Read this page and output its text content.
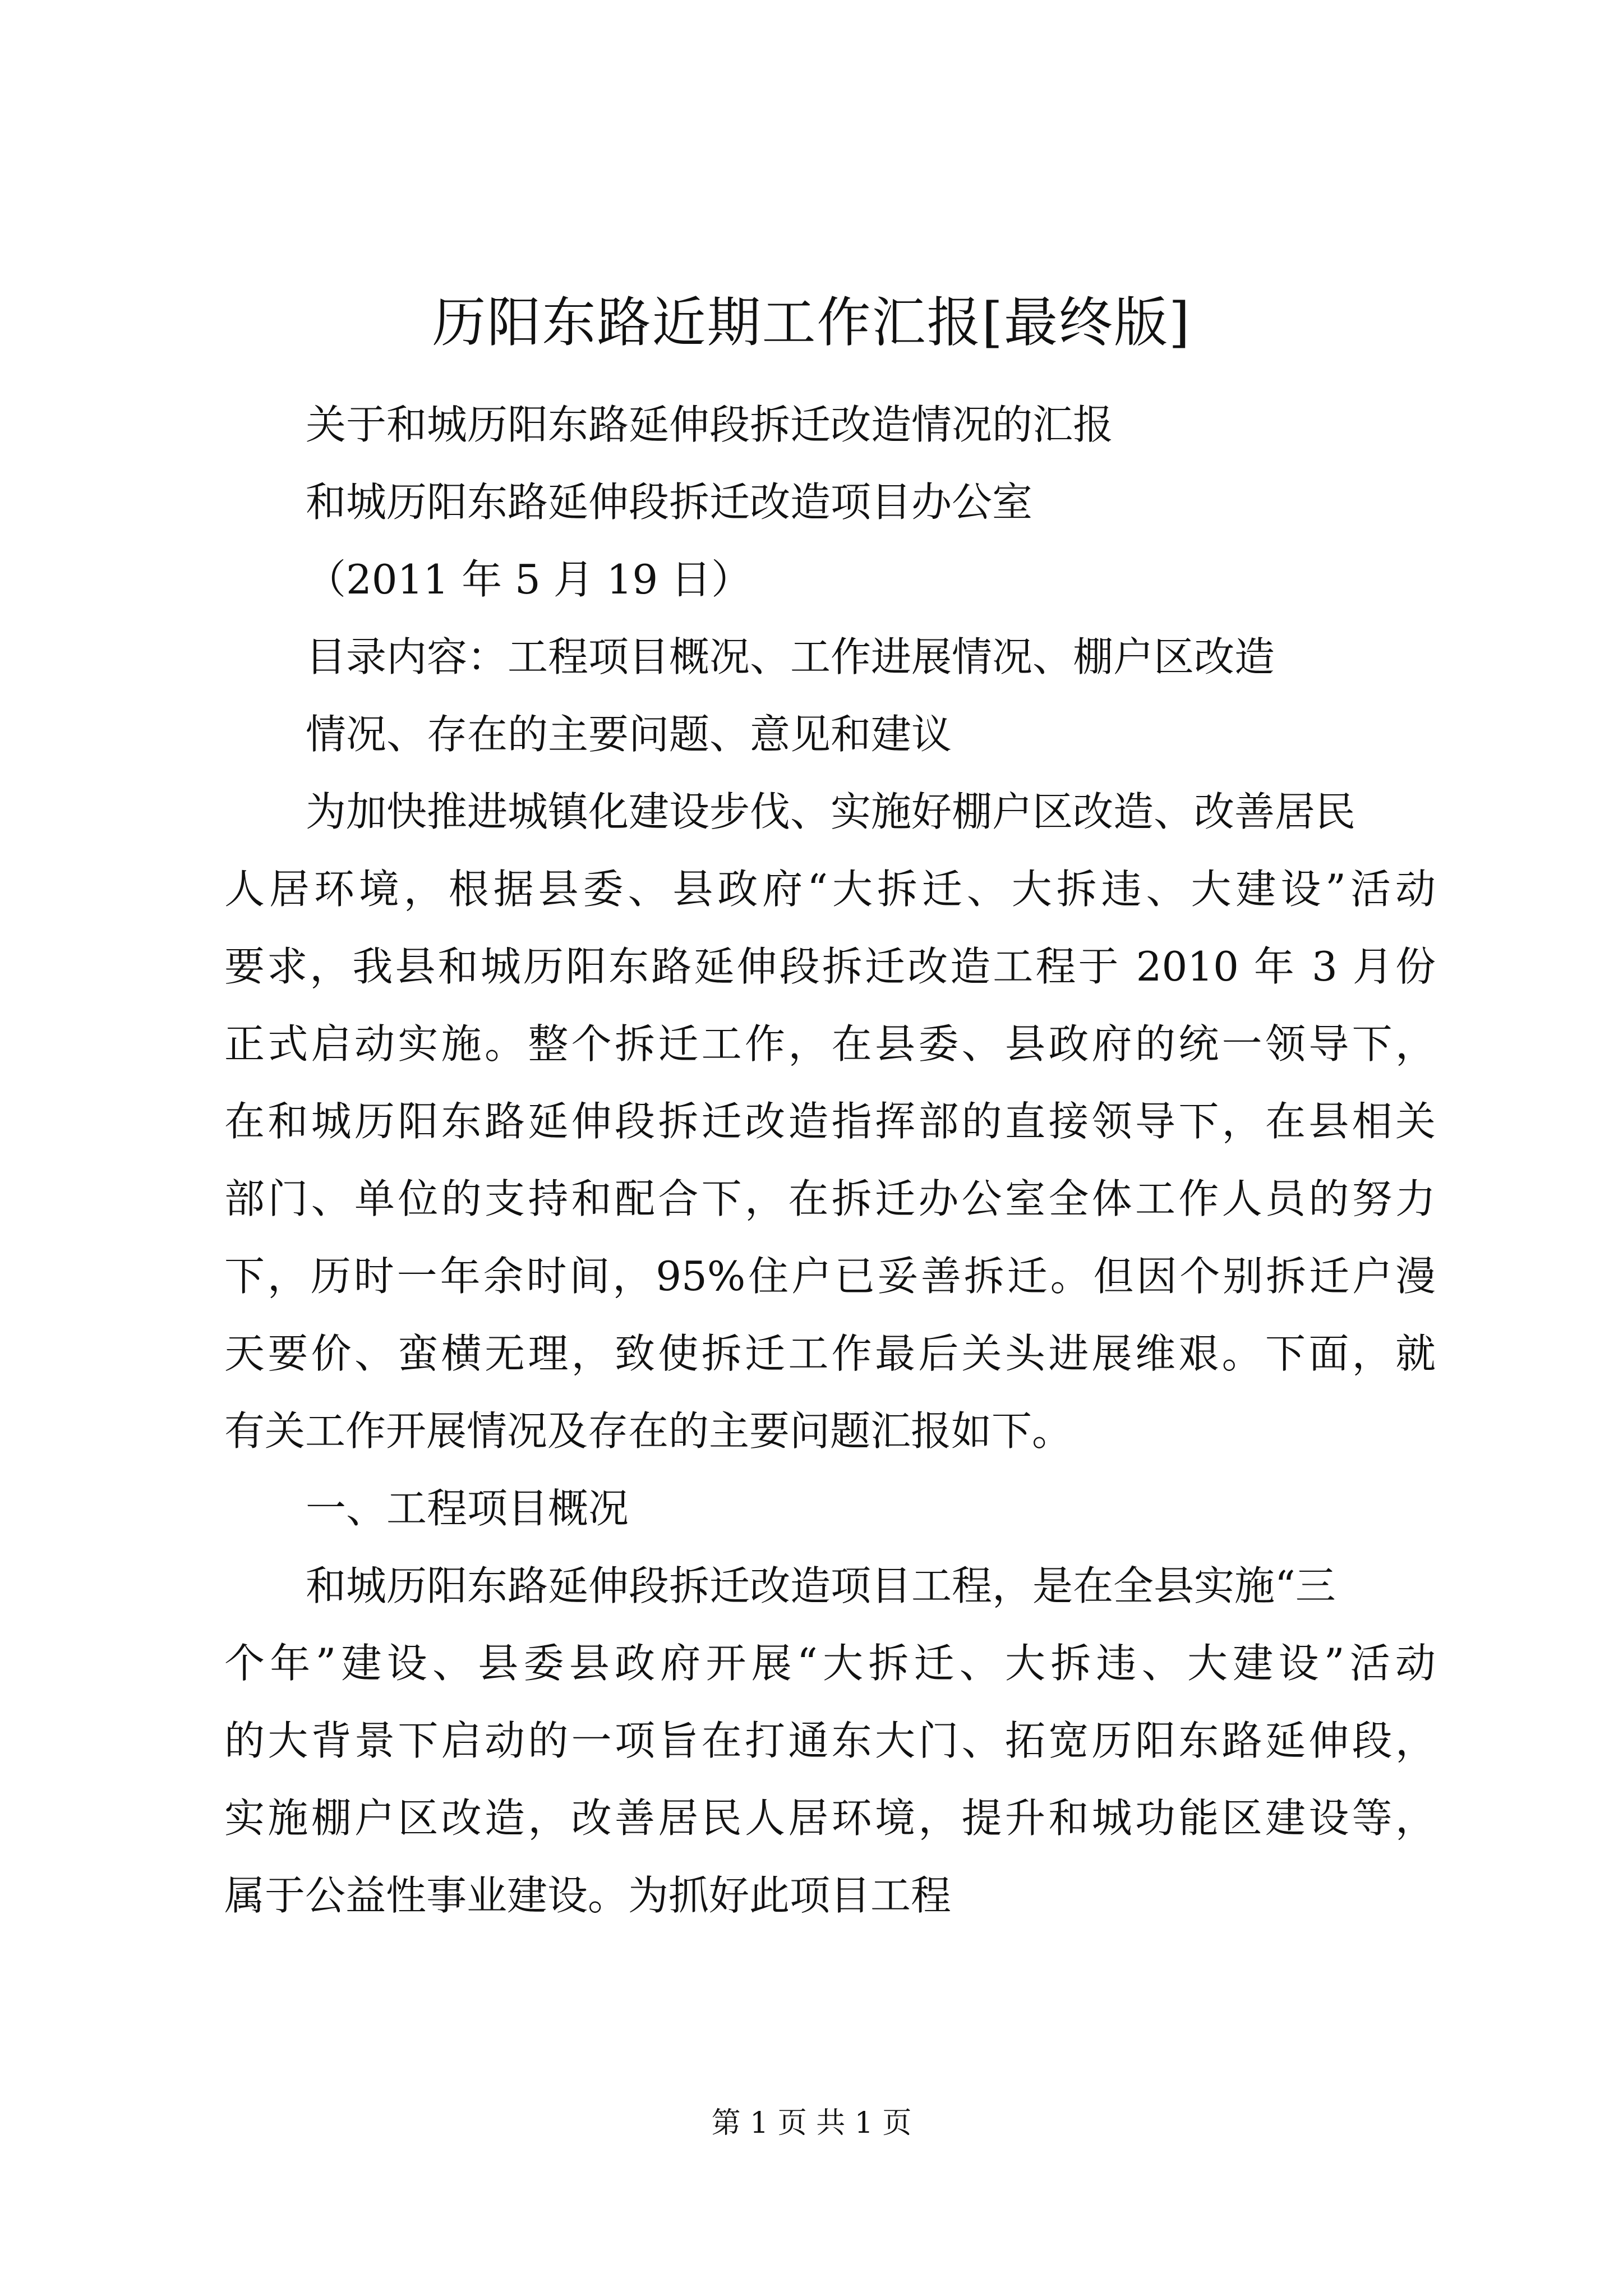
历阳东路近期工作汇报[最终版]
关于和城历阳东路延伸段拆迁改造情况的汇报
和城历阳东路延伸段拆迁改造项目办公室
（2011 年 5 月 19 日）
目录内容：工程项目概况、工作进展情况、棚户区改造
情况、存在的主要问题、意见和建议
为加快推进城镇化建设步伐、实施好棚户区改造、改善居民
人居环境，根据县委、县政府“大拆迁、大拆违、大建设”活动
要求，我县和城历阳东路延伸段拆迁改造工程于 2010 年 3 月份
正式启动实施。整个拆迁工作，在县委、县政府的统一领导下，
在和城历阳东路延伸段拆迁改造指挥部的直接领导下，在县相关
部门、单位的支持和配合下，在拆迁办公室全体工作人员的努力
下，历时一年余时间，95%住户已妥善拆迁。但因个别拆迁户漫
天要价、蛮横无理，致使拆迁工作最后关头进展维艰。下面，就
有关工作开展情况及存在的主要问题汇报如下。
一、工程项目概况
和城历阳东路延伸段拆迁改造项目工程，是在全县实施“三
个年”建设、县委县政府开展“大拆迁、大拆违、大建设”活动
的大背景下启动的一项旨在打通东大门、拓宽历阳东路延伸段，
实施棚户区改造，改善居民人居环境，提升和城功能区建设等，
属于公益性事业建设。为抓好此项目工程
第 1 页 共 1 页
